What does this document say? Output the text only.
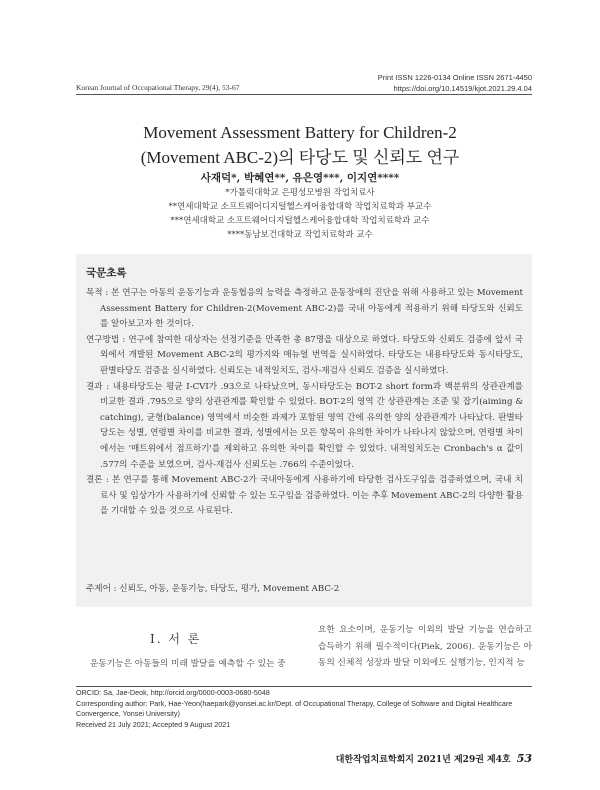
Print ISSN 1226-0134 Online ISSN 2671-4450
https://doi.org/10.14519/kjot.2021.29.4.04
Korean Journal of Occupational Therapy, 29(4), 53-67
Movement Assessment Battery for Children-2
(Movement ABC-2)의 타당도 및 신뢰도 연구
사재덕*, 박혜연**, 유은영***, 이지연****
*가톨릭대학교 은평성모병원 작업치료사
**연세대학교 소프트웨어디지털헬스케어융합대학 작업치료학과 부교수
***연세대학교 소프트웨어디지털헬스케어융합대학 작업치료학과 교수
****동남보건대학교 작업치료학과 교수
국문초록

목적 : 본 연구는 아동의 운동기능과 운동협응의 능력을 측정하고 운동장애의 진단을 위해 사용하고 있는 Movement Assessment Battery for Children-2(Movement ABC-2)를 국내 아동에게 적용하기 위해 타당도와 신뢰도를 알아보고자 한 것이다.

연구방법 : 연구에 참여한 대상자는 선정기준을 만족한 총 87명을 대상으로 하였다. 타당도와 신뢰도 검증에 앞서 국외에서 개발된 Movement ABC-2의 평가지와 매뉴얼 번역을 실시하였다. 타당도는 내용타당도와 동시타당도, 판별타당도 검증을 실시하였다. 신뢰도는 내적일치도, 검사-재검사 신뢰도 검증을 실시하였다.

결과 : 내용타당도는 평균 I-CVI가 .93으로 나타났으며, 동시타당도는 BOT-2 short form과 백분위의 상관관계를 비교한 결과 .795으로 양의 상관관계를 확인할 수 있었다. BOT-2의 영역 간 상관관계는 조준 및 잡기(aiming & catching), 균형(balance) 영역에서 비슷한 과제가 포함된 영역 간에 유의한 양의 상관관계가 나타났다. 판별타당도는 성별, 연령별 차이를 비교한 결과, 성별에서는 모든 항목이 유의한 차이가 나타나지 않았으며, 연령별 차이에서는 '매트위에서 점프하기'를 제외하고 유의한 차이를 확인할 수 있었다. 내적일치도는 Cronbach's α 값이 .577의 수준을 보였으며, 검사-재검사 신뢰도는 .766의 수준이었다.

결론 : 본 연구를 통해 Movement ABC-2가 국내아동에게 사용하기에 타당한 검사도구임을 검증하였으며, 국내 치료사 및 임상가가 사용하기에 신뢰할 수 있는 도구임을 검증하였다. 이는 추후 Movement ABC-2의 다양한 활용을 기대할 수 있을 것으로 사료된다.

주제어 : 신뢰도, 아동, 운동기능, 타당도, 평가, Movement ABC-2
Ⅰ. 서 론
운동기능은 아동들의 미래 발달을 예측할 수 있는 중
요한 요소이며, 운동기능 이외의 발달 기능을 연습하고 습득하기 위해 필수적이다(Piek, 2006). 운동기능은 아동의 신체적 성장과 발달 이외에도 실행기능, 인지적 능
ORCID: Sa, Jae-Deok, http://orcid.org/0000-0003-0680-5048
Corresponding author: Park, Hae-Yeon(haepark@yonsei.ac.kr/Dept. of Occupational Therapy, College of Software and Digital Healthcare Convergence, Yonsei University)
Received 21 July 2021; Accepted 9 August 2021
대한작업치료학회지 2021년 제29권 제4호 53
